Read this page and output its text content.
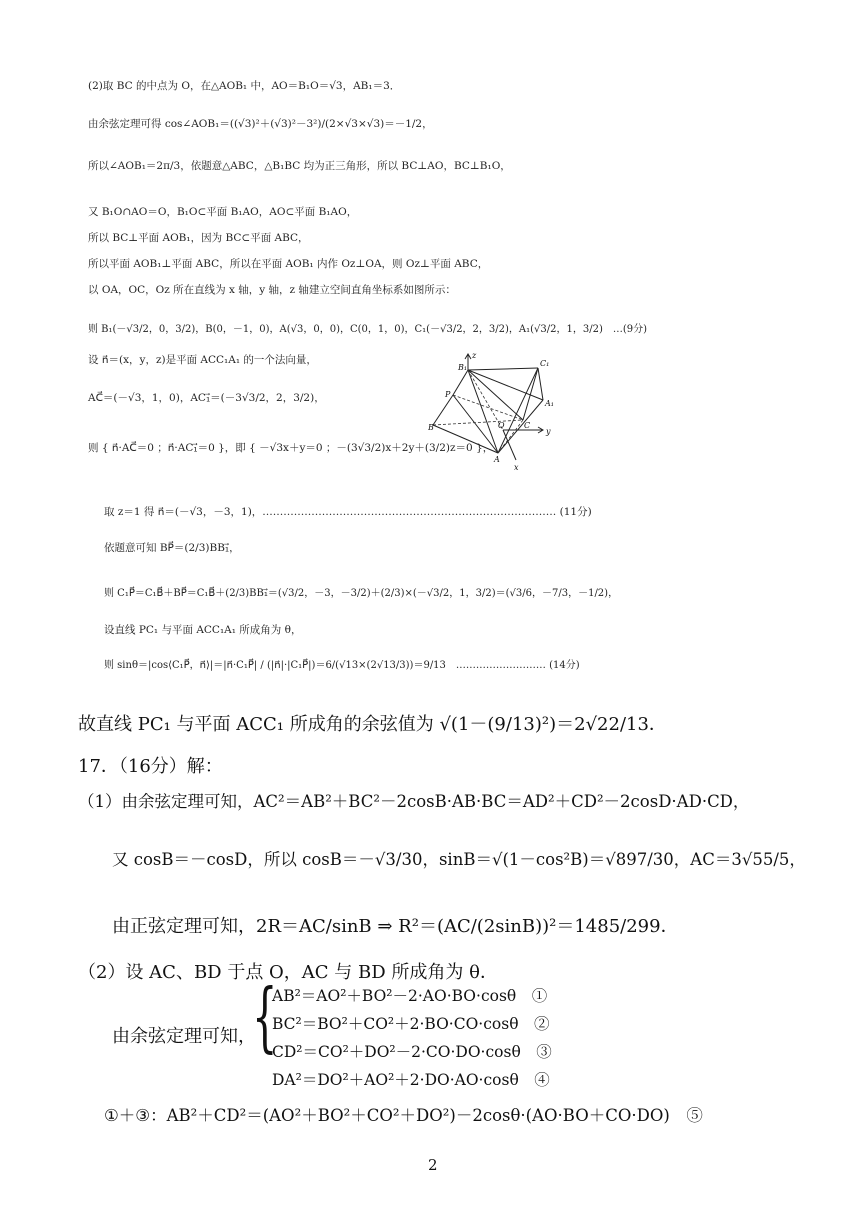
(2)取 BC 的中点为 O，在△AOB₁ 中，AO＝B₁O＝√3，AB₁＝3．
由余弦定理可得 cos∠AOB₁＝((√3)²＋(√3)²－3²)/(2×√3×√3)＝－1/2，
所以∠AOB₁＝2π/3，依题意△ABC，△B₁BC 均为正三角形，所以 BC⊥AO，BC⊥B₁O，
又 B₁O∩AO＝O，B₁O⊂平面 B₁AO，AO⊂平面 B₁AO，
所以 BC⊥平面 AOB₁，因为 BC⊂平面 ABC，
所以平面 AOB₁⊥平面 ABC，所以在平面 AOB₁ 内作 Oz⊥OA，则 Oz⊥平面 ABC，
以 OA，OC，Oz 所在直线为 x 轴，y 轴，z 轴建立空间直角坐标系如图所示：
则 B₁(－√3/2，0，3/2)，B(0，－1，0)，A(√3，0，0)，C(0，1，0)，C₁(－√3/2，2，3/2)，A₁(√3/2，1，3/2)　…(9分)
设 n⃗＝(x，y，z)是平面 ACC₁A₁ 的一个法向量，
AC⃗＝(－√3，1，0)，AC₁⃗＝(－3√3/2，2，3/2)，
则 { n⃗·AC⃗＝0 ；n⃗·AC₁⃗＝0 }，即 { －√3x＋y＝0 ；－(3√3/2)x＋2y＋(3/2)z＝0 }，
取 z＝1 得 n⃗＝(－√3，－3，1)，………………………………………………………………………… (11分)
依题意可知 BP⃗＝(2/3)BB₁⃗，
则 C₁P⃗＝C₁B⃗＋BP⃗＝C₁B⃗＋(2/3)BB₁⃗＝(√3/2，－3，－3/2)＋(2/3)×(－√3/2，1，3/2)＝(√3/6，－7/3，－1/2)，
设直线 PC₁ 与平面 ACC₁A₁ 所成角为 θ，
则 sinθ＝|cos⟨C₁P⃗，n⃗⟩|＝|n⃗·C₁P⃗| / (|n⃗|·|C₁P⃗|)＝6/(√13×(2√13/3))＝9/13　……………………… (14分)
B₁	C₁
A₁
P
B	O C
A
x
y
z
故直线 PC₁ 与平面 ACC₁ 所成角的余弦值为 √(1－(9/13)²)＝2√22/13．
17．（16分）解：
（1）由余弦定理可知，AC²＝AB²＋BC²－2cosB·AB·BC＝AD²＋CD²－2cosD·AD·CD，
又 cosB＝－cosD，所以 cosB＝－√3/30，sinB＝√(1－cos²B)＝√897/30，AC＝3√55/5，
由正弦定理可知，2R＝AC/sinB ⇒ R²＝(AC/(2sinB))²＝1485/299．
（2）设 AC、BD 于点 O，AC 与 BD 所成角为 θ．
由余弦定理可知，
{
AB²＝AO²＋BO²－2·AO·BO·cosθ　①
BC²＝BO²＋CO²＋2·BO·CO·cosθ　②
CD²＝CO²＋DO²－2·CO·DO·cosθ　③
DA²＝DO²＋AO²＋2·DO·AO·cosθ　④
①＋③：AB²＋CD²＝(AO²＋BO²＋CO²＋DO²)－2cosθ·(AO·BO＋CO·DO)　⑤
2
